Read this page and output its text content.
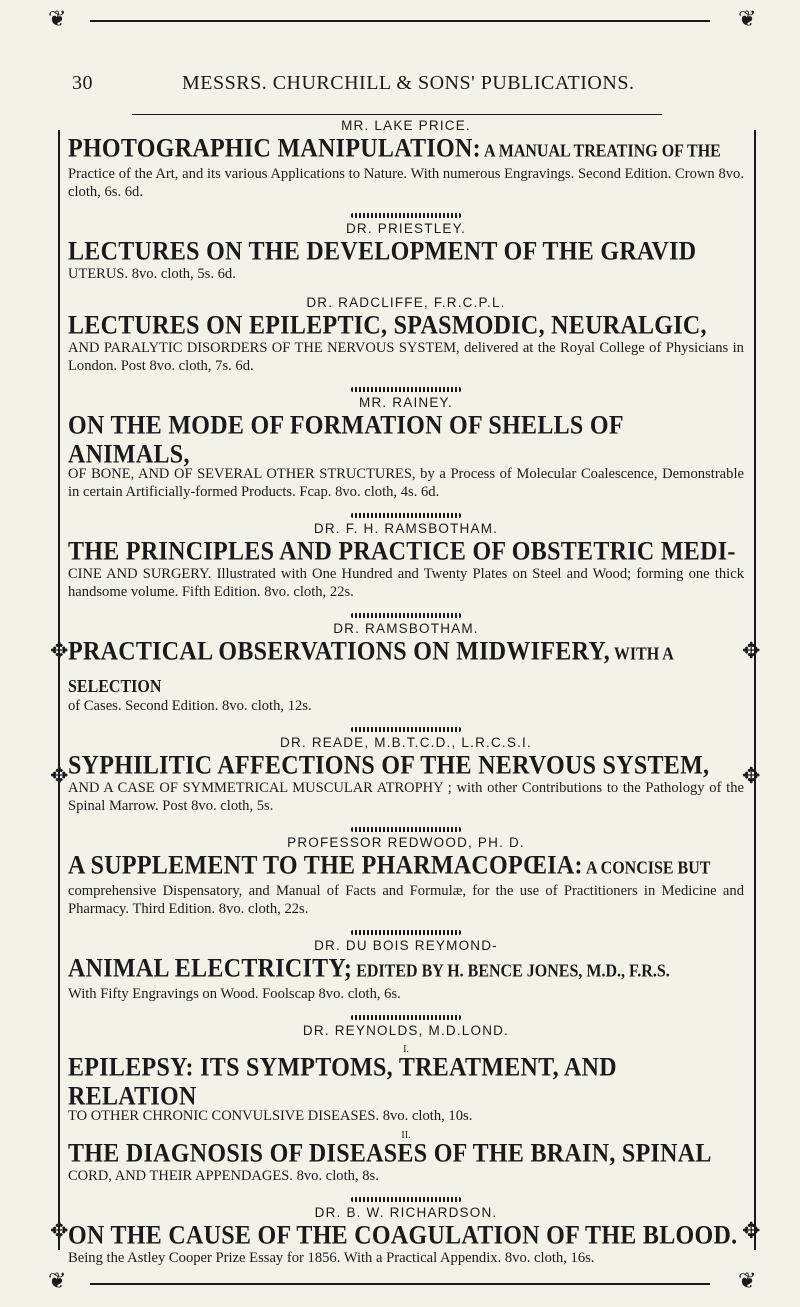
❦	❦
❦	❦
✥	✥
✥	✥
✥	✥
30	MESSRS. CHURCHILL & SONS' PUBLICATIONS.

MR. LAKE PRICE.

PHOTOGRAPHIC MANIPULATION: A MANUAL TREATING OF THE

Practice of the Art, and its various Applications to Nature. With numerous Engravings. Second Edition. Crown 8vo. cloth, 6s. 6d.

DR. PRIESTLEY.

LECTURES ON THE DEVELOPMENT OF THE GRAVID

UTERUS. 8vo. cloth, 5s. 6d.

DR. RADCLIFFE, F.R.C.P.L.

LECTURES ON EPILEPTIC, SPASMODIC, NEURALGIC,

AND PARALYTIC DISORDERS OF THE NERVOUS SYSTEM, delivered at the Royal College of Physicians in London. Post 8vo. cloth, 7s. 6d.

MR. RAINEY.

ON THE MODE OF FORMATION OF SHELLS OF ANIMALS,

OF BONE, AND OF SEVERAL OTHER STRUCTURES, by a Process of Molecular Coalescence, Demonstrable in certain Artificially-formed Products. Fcap. 8vo. cloth, 4s. 6d.

DR. F. H. RAMSBOTHAM.

THE PRINCIPLES AND PRACTICE OF OBSTETRIC MEDI-

CINE AND SURGERY. Illustrated with One Hundred and Twenty Plates on Steel and Wood; forming one thick handsome volume. Fifth Edition. 8vo. cloth, 22s.

DR. RAMSBOTHAM.

PRACTICAL OBSERVATIONS ON MIDWIFERY, WITH A SELECTION

of Cases. Second Edition. 8vo. cloth, 12s.

DR. READE, M.B.T.C.D., L.R.C.S.I.

SYPHILITIC AFFECTIONS OF THE NERVOUS SYSTEM,

AND A CASE OF SYMMETRICAL MUSCULAR ATROPHY ; with other Contributions to the Pathology of the Spinal Marrow. Post 8vo. cloth, 5s.

PROFESSOR REDWOOD, PH. D.

A SUPPLEMENT TO THE PHARMACOPŒIA: A CONCISE BUT

comprehensive Dispensatory, and Manual of Facts and Formulæ, for the use of Practitioners in Medicine and Pharmacy. Third Edition. 8vo. cloth, 22s.

DR. DU BOIS REYMOND-

ANIMAL ELECTRICITY; EDITED BY H. BENCE JONES, M.D., F.R.S.

With Fifty Engravings on Wood. Foolscap 8vo. cloth, 6s.

DR. REYNOLDS, M.D.LOND.

I.

EPILEPSY: ITS SYMPTOMS, TREATMENT, AND RELATION

TO OTHER CHRONIC CONVULSIVE DISEASES. 8vo. cloth, 10s.

II.

THE DIAGNOSIS OF DISEASES OF THE BRAIN, SPINAL

CORD, AND THEIR APPENDAGES. 8vo. cloth, 8s.

DR. B. W. RICHARDSON.

ON THE CAUSE OF THE COAGULATION OF THE BLOOD.

Being the Astley Cooper Prize Essay for 1856. With a Practical Appendix. 8vo. cloth, 16s.
